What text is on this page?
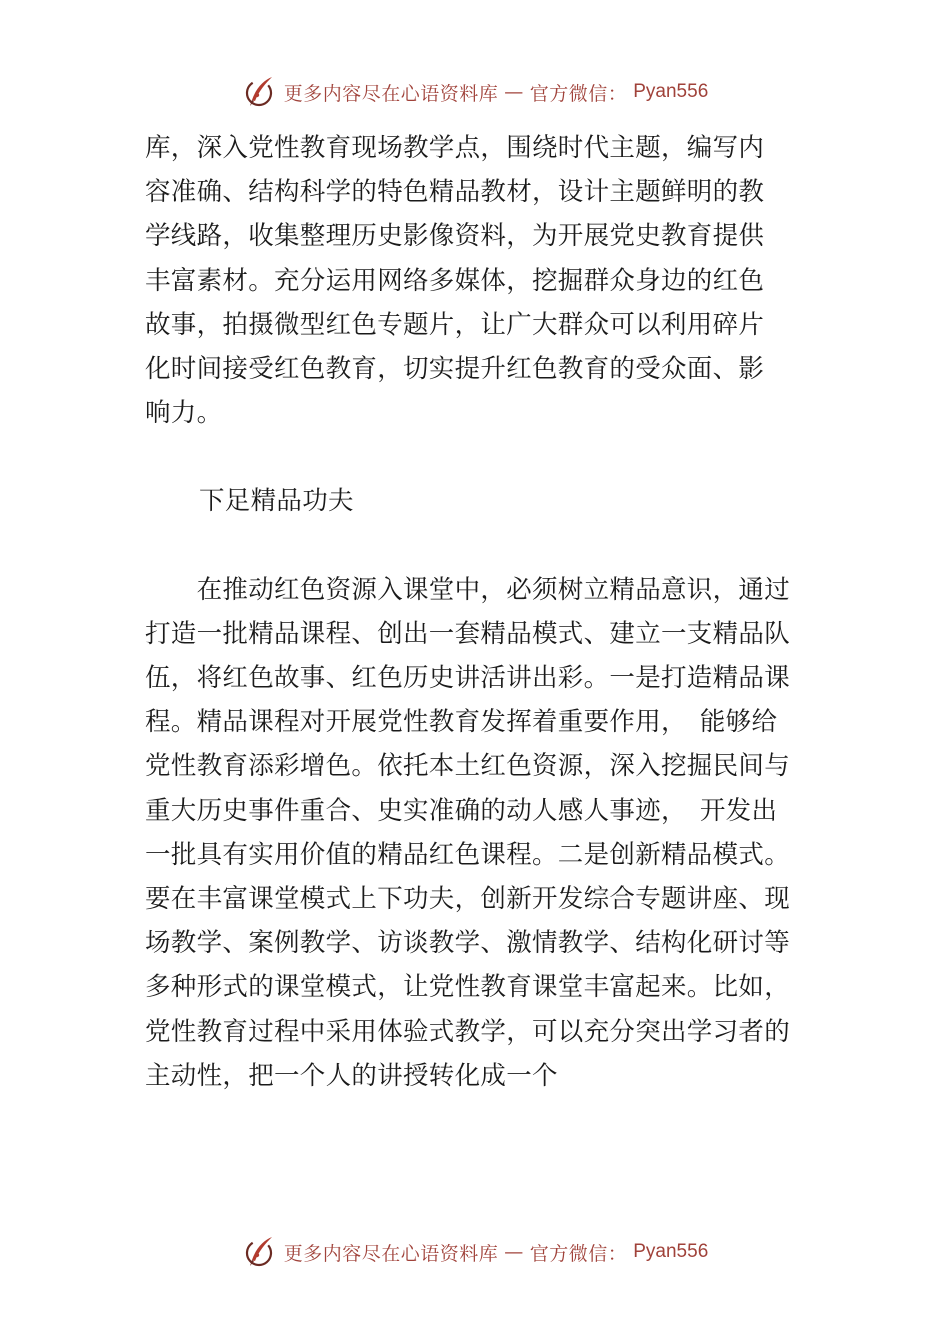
更多内容尽在心语资料库 — 官方微信： Pyan556

库，深入党性教育现场教学点，围绕时代主题，编写内
容准确、结构科学的特色精品教材，设计主题鲜明的教
学线路，收集整理历史影像资料，为开展党史教育提供
丰富素材。充分运用网络多媒体，挖掘群众身边的红色
故事，拍摄微型红色专题片，让广大群众可以利用碎片
化时间接受红色教育，切实提升红色教育的受众面、影
响力。

下足精品功夫

　　在推动红色资源入课堂中，必须树立精品意识，通过
打造一批精品课程、创出一套精品模式、建立一支精品队
伍，将红色故事、红色历史讲活讲出彩。一是打造精品课
程。精品课程对开展党性教育发挥着重要作用，　能够给
党性教育添彩增色。依托本土红色资源，深入挖掘民间与
重大历史事件重合、史实准确的动人感人事迹，　开发出
一批具有实用价值的精品红色课程。二是创新精品模式。
要在丰富课堂模式上下功夫，创新开发综合专题讲座、现
场教学、案例教学、访谈教学、激情教学、结构化研讨等
多种形式的课堂模式，让党性教育课堂丰富起来。比如，
党性教育过程中采用体验式教学，可以充分突出学习者的
主动性，把一个人的讲授转化成一个

更多内容尽在心语资料库 — 官方微信： Pyan556
